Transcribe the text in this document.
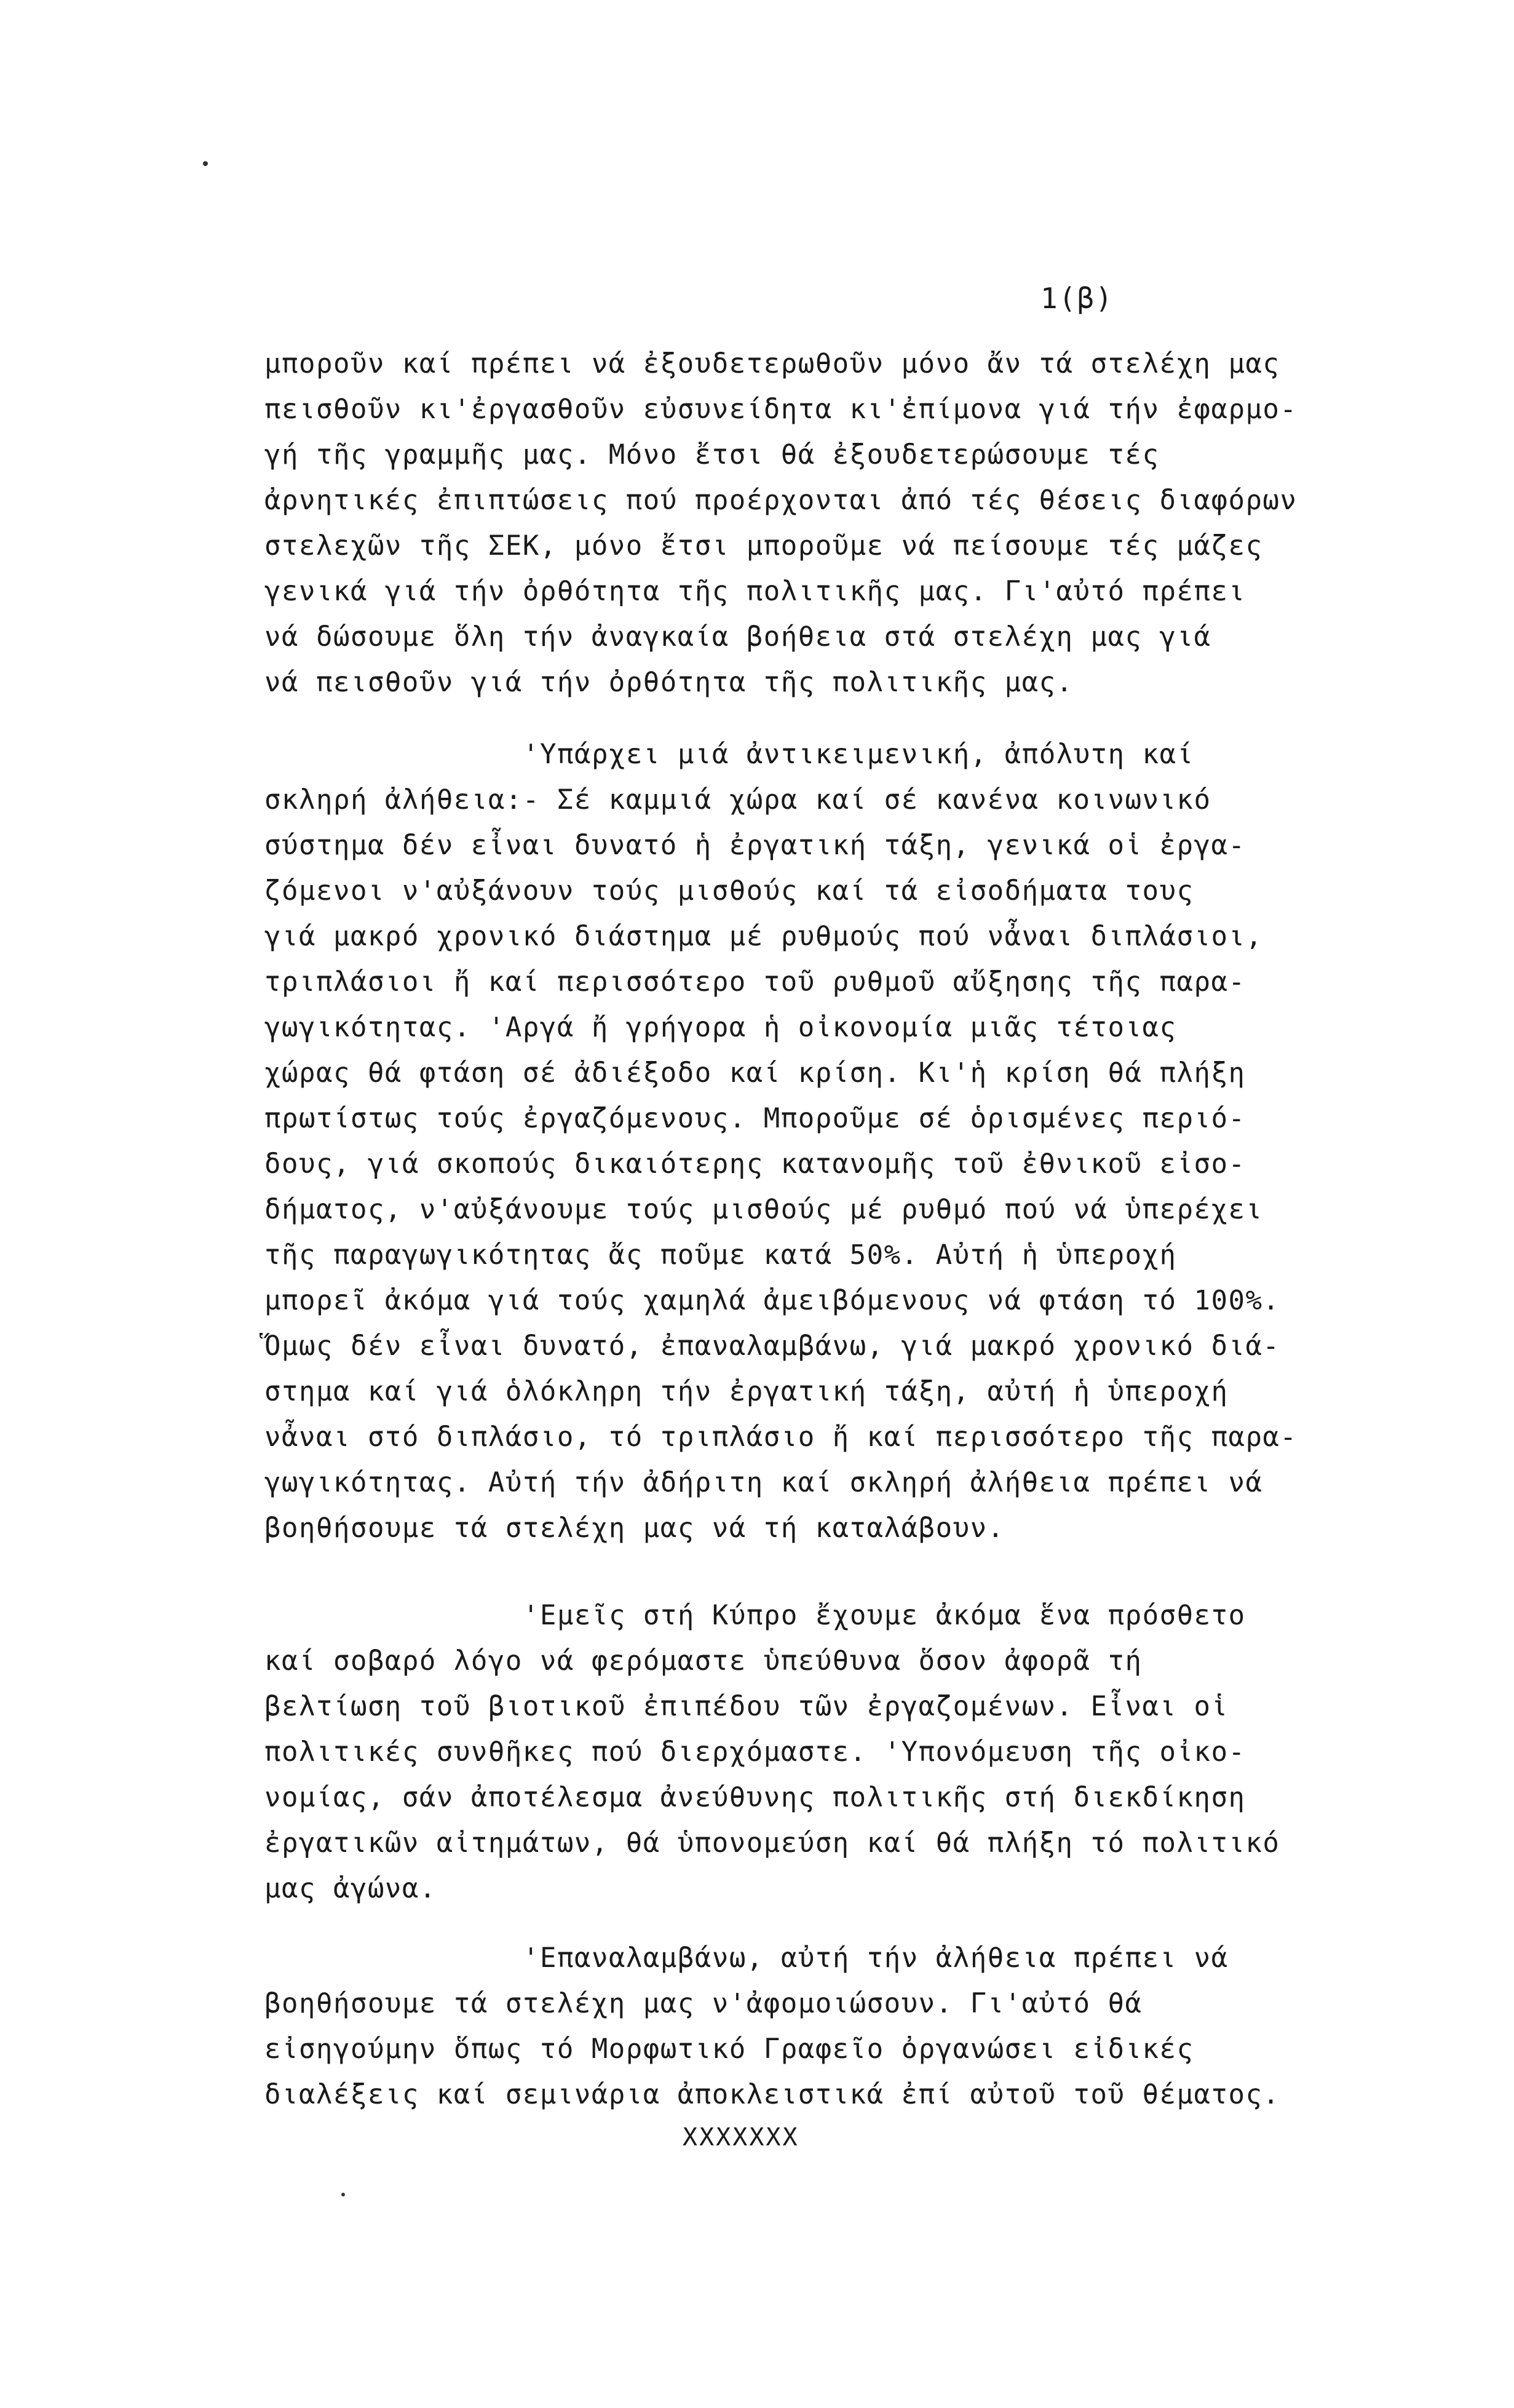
1(β)
μποροῦν καί πρέπει νά ἐξουδετερωθοῦν μόνο ἄν τά στελέχη μας
πεισθοῦν κι'ἐργασθοῦν εὐσυνείδητα κι'ἐπίμονα γιά τήν ἐφαρμο-
γή τῆς γραμμῆς μας. Μόνο ἔτσι θά ἐξουδετερώσουμε τές
ἀρνητικές ἐπιπτώσεις πού προέρχονται ἀπό τές θέσεις διαφόρων
στελεχῶν τῆς ΣΕΚ, μόνο ἔτσι μποροῦμε νά πείσουμε τές μάζες
γενικά γιά τήν ὀρθότητα τῆς πολιτικῆς μας. Γι'αὐτό πρέπει
νά δώσουμε ὅλη τήν ἀναγκαία βοήθεια στά στελέχη μας γιά
νά πεισθοῦν γιά τήν ὀρθότητα τῆς πολιτικῆς μας.
'Υπάρχει μιά ἀντικειμενική, ἀπόλυτη καί
σκληρή ἀλήθεια:- Σέ καμμιά χώρα καί σέ κανένα κοινωνικό
σύστημα δέν εἶναι δυνατό ἡ ἐργατική τάξη, γενικά οἱ ἐργα-
ζόμενοι ν'αὐξάνουν τούς μισθούς καί τά εἰσοδήματα τους
γιά μακρό χρονικό διάστημα μέ ρυθμούς πού νἆναι διπλάσιοι,
τριπλάσιοι ἤ καί περισσότερο τοῦ ρυθμοῦ αὔξησης τῆς παρα-
γωγικότητας. 'Αργά ἤ γρήγορα ἡ οἰκονομία μιᾶς τέτοιας
χώρας θά φτάση σέ ἀδιέξοδο καί κρίση. Κι'ἡ κρίση θά πλήξη
πρωτίστως τούς ἐργαζόμενους. Μποροῦμε σέ ὁρισμένες περιό-
δους, γιά σκοπούς δικαιότερης κατανομῆς τοῦ ἐθνικοῦ εἰσο-
δήματος, ν'αὐξάνουμε τούς μισθούς μέ ρυθμό πού νά ὑπερέχει
τῆς παραγωγικότητας ἄς ποῦμε κατά 50%. Αὐτή ἡ ὑπεροχή
μπορεῖ ἀκόμα γιά τούς χαμηλά ἀμειβόμενους νά φτάση τό 100%.
Ὅμως δέν εἶναι δυνατό, ἐπαναλαμβάνω, γιά μακρό χρονικό διά-
στημα καί γιά ὁλόκληρη τήν ἐργατική τάξη, αὐτή ἡ ὑπεροχή
νἆναι στό διπλάσιο, τό τριπλάσιο ἤ καί περισσότερο τῆς παρα-
γωγικότητας. Αὐτή τήν ἀδήριτη καί σκληρή ἀλήθεια πρέπει νά
βοηθήσουμε τά στελέχη μας νά τή καταλάβουν.
'Εμεῖς στή Κύπρο ἔχουμε ἀκόμα ἕνα πρόσθετο
καί σοβαρό λόγο νά φερόμαστε ὑπεύθυνα ὅσον ἀφορᾶ τή
βελτίωση τοῦ βιοτικοῦ ἐπιπέδου τῶν ἐργαζομένων. Εἶναι οἱ
πολιτικές συνθῆκες πού διερχόμαστε. 'Υπονόμευση τῆς οἰκο-
νομίας, σάν ἀποτέλεσμα ἀνεύθυνης πολιτικῆς στή διεκδίκηση
ἐργατικῶν αἰτημάτων, θά ὑπονομεύση καί θά πλήξη τό πολιτικό
μας ἀγώνα.
'Επαναλαμβάνω, αὐτή τήν ἀλήθεια πρέπει νά
βοηθήσουμε τά στελέχη μας ν'ἀφομοιώσουν. Γι'αὐτό θά
εἰσηγούμην ὅπως τό Μορφωτικό Γραφεῖο ὀργανώσει εἰδικές
διαλέξεις καί σεμινάρια ἀποκλειστικά ἐπί αὐτοῦ τοῦ θέματος.
XXXXXXX
